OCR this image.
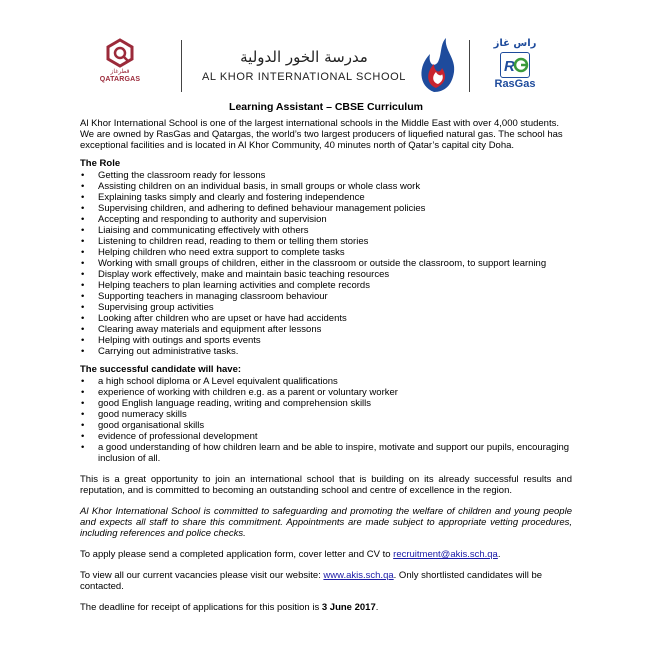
قطرغاز
QATARGAS
مدرسة الخور الدولية
AL KHOR INTERNATIONAL SCHOOL
راس غاز
R
RasGas
Learning Assistant – CBSE Curriculum

Al Khor International School is one of the largest international schools in the Middle East with over 4,000 students. We are owned by RasGas and Qatargas, the world’s two largest producers of liquefied natural gas. The school has exceptional facilities and is located in Al Khor Community, 40 minutes north of Qatar’s capital city Doha.

The Role
• Getting the classroom ready for lessons
• Assisting children on an individual basis, in small groups or whole class work
• Explaining tasks simply and clearly and fostering independence
• Supervising children, and adhering to defined behaviour management policies
• Accepting and responding to authority and supervision
• Liaising and communicating effectively with others
• Listening to children read, reading to them or telling them stories
• Helping children who need extra support to complete tasks
• Working with small groups of children, either in the classroom or outside the classroom, to support learning
• Display work effectively, make and maintain basic teaching resources
• Helping teachers to plan learning activities and complete records
• Supporting teachers in managing classroom behaviour
• Supervising group activities
• Looking after children who are upset or have had accidents
• Clearing away materials and equipment after lessons
• Helping with outings and sports events
• Carrying out administrative tasks.
The successful candidate will have:
• a high school diploma or A Level equivalent qualifications
• experience of working with children e.g. as a parent or voluntary worker
• good English language reading, writing and comprehension skills
• good numeracy skills
• good organisational skills
• evidence of professional development
• a good understanding of how children learn and be able to inspire, motivate and support our pupils, encouraging inclusion of all.

This is a great opportunity to join an international school that is building on its already successful results and reputation, and is committed to becoming an outstanding school and centre of excellence in the region.

Al Khor International School is committed to safeguarding and promoting the welfare of children and young people and expects all staff to share this commitment. Appointments are made subject to appropriate vetting procedures, including references and police checks.

To apply please send a completed application form, cover letter and CV to recruitment@akis.sch.qa.

To view all our current vacancies please visit our website: www.akis.sch.qa. Only shortlisted candidates will be contacted.

The deadline for receipt of applications for this position is 3 June 2017.
